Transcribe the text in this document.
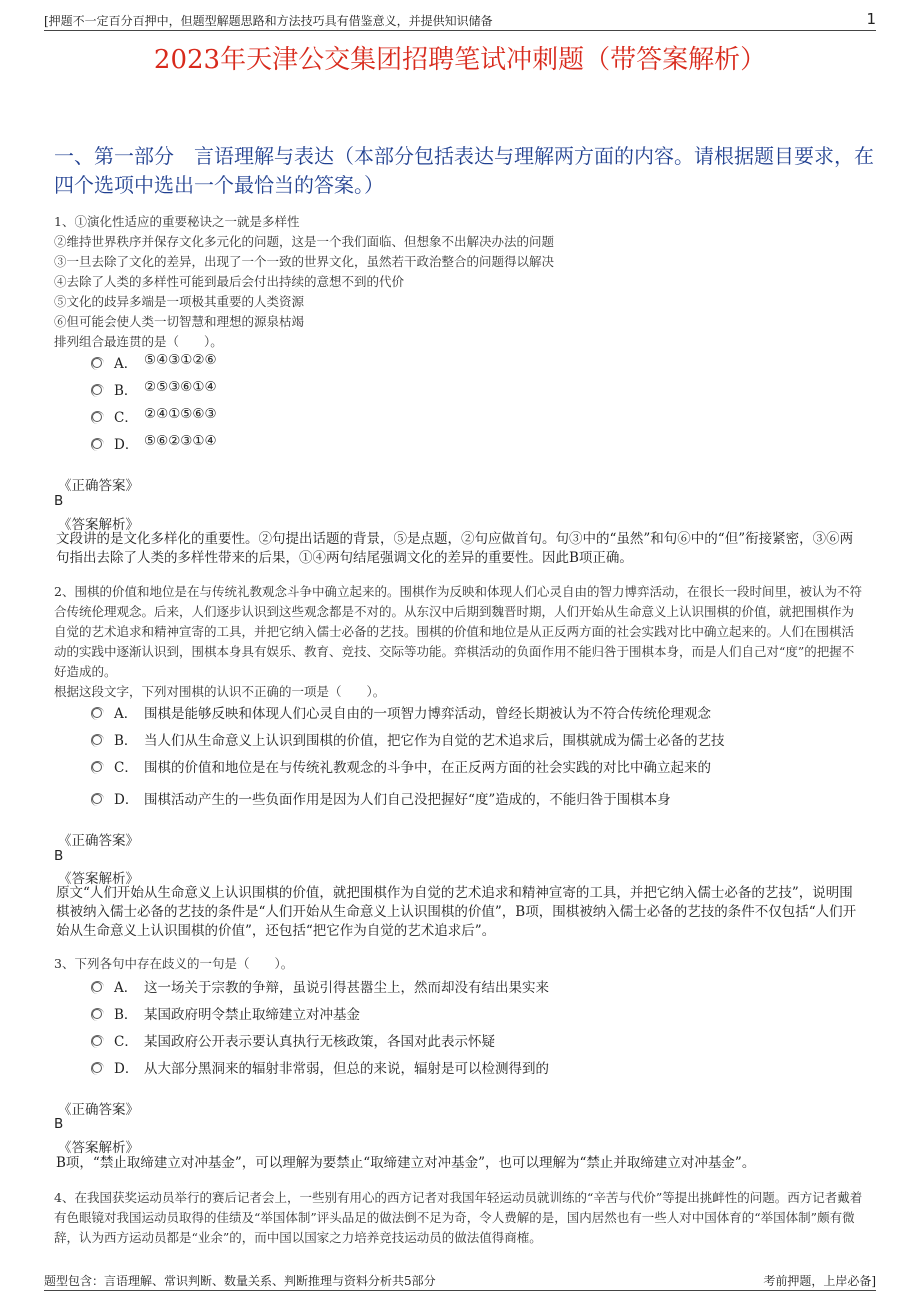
[押题不一定百分百押中，但题型解题思路和方法技巧具有借鉴意义，并提供知识储备	1
2023年天津公交集团招聘笔试冲刺题（带答案解析）
一、第一部分 言语理解与表达（本部分包括表达与理解两方面的内容。请根据题目要求，在四个选项中选出一个最恰当的答案。）

1、①演化性适应的重要秘诀之一就是多样性

②维持世界秩序并保存文化多元化的问题，这是一个我们面临、但想象不出解决办法的问题

③一旦去除了文化的差异，出现了一个一致的世界文化，虽然若干政治整合的问题得以解决

④去除了人类的多样性可能到最后会付出持续的意想不到的代价

⑤文化的歧异多端是一项极其重要的人类资源

⑥但可能会使人类一切智慧和理想的源泉枯竭

排列组合最连贯的是（　　）。

A． ⑤④③①②⑥
B． ②⑤③⑥①④
C． ②④①⑤⑥③
D． ⑤⑥②③①④
《正确答案》
B
《答案解析》
文段讲的是文化多样化的重要性。②句提出话题的背景，⑤是点题，②句应做首句。句③中的“虽然”和句⑥中的“但”衔接紧密，③⑥两句指出去除了人类的多样性带来的后果，①④两句结尾强调文化的差异的重要性。因此B项正确。

2、围棋的价值和地位是在与传统礼教观念斗争中确立起来的。围棋作为反映和体现人们心灵自由的智力博弈活动，在很长一段时间里，被认为不符合传统伦理观念。后来，人们逐步认识到这些观念都是不对的。从东汉中后期到魏晋时期，人们开始从生命意义上认识围棋的价值，就把围棋作为自觉的艺术追求和精神宣寄的工具，并把它纳入儒士必备的艺技。围棋的价值和地位是从正反两方面的社会实践对比中确立起来的。人们在围棋活动的实践中逐渐认识到，围棋本身具有娱乐、教育、竞技、交际等功能。弈棋活动的负面作用不能归咎于围棋本身，而是人们自己对“度”的把握不好造成的。

根据这段文字，下列对围棋的认识不正确的一项是（　　）。

A． 围棋是能够反映和体现人们心灵自由的一项智力博弈活动，曾经长期被认为不符合传统伦理观念
B． 当人们从生命意义上认识到围棋的价值，把它作为自觉的艺术追求后，围棋就成为儒士必备的艺技
C． 围棋的价值和地位是在与传统礼教观念的斗争中，在正反两方面的社会实践的对比中确立起来的
D． 围棋活动产生的一些负面作用是因为人们自己没把握好“度”造成的，不能归咎于围棋本身
《正确答案》
B
《答案解析》
原文“人们开始从生命意义上认识围棋的价值，就把围棋作为自觉的艺术追求和精神宣寄的工具，并把它纳入儒士必备的艺技”，说明围棋被纳入儒士必备的艺技的条件是“人们开始从生命意义上认识围棋的价值”，B项，围棋被纳入儒士必备的艺技的条件不仅包括“人们开始从生命意义上认识围棋的价值”，还包括“把它作为自觉的艺术追求后”。

3、下列各句中存在歧义的一句是（　　）。

A． 这一场关于宗教的争辩，虽说引得甚嚣尘上，然而却没有结出果实来
B． 某国政府明令禁止取缔建立对冲基金
C． 某国政府公开表示要认真执行无核政策，各国对此表示怀疑
D． 从大部分黑洞来的辐射非常弱，但总的来说，辐射是可以检测得到的
《正确答案》
B
《答案解析》
B项，“禁止取缔建立对冲基金”，可以理解为要禁止“取缔建立对冲基金”，也可以理解为“禁止并取缔建立对冲基金”。

4、在我国获奖运动员举行的赛后记者会上，一些别有用心的西方记者对我国年轻运动员就训练的“辛苦与代价”等提出挑衅性的问题。西方记者戴着有色眼镜对我国运动员取得的佳绩及“举国体制”评头品足的做法倒不足为奇，令人费解的是，国内居然也有一些人对中国体育的“举国体制”颇有微辞，认为西方运动员都是“业余”的，而中国以国家之力培养竞技运动员的做法值得商榷。

题型包含：言语理解、常识判断、数量关系、判断推理与资料分析共5部分	考前押题，上岸必备]
